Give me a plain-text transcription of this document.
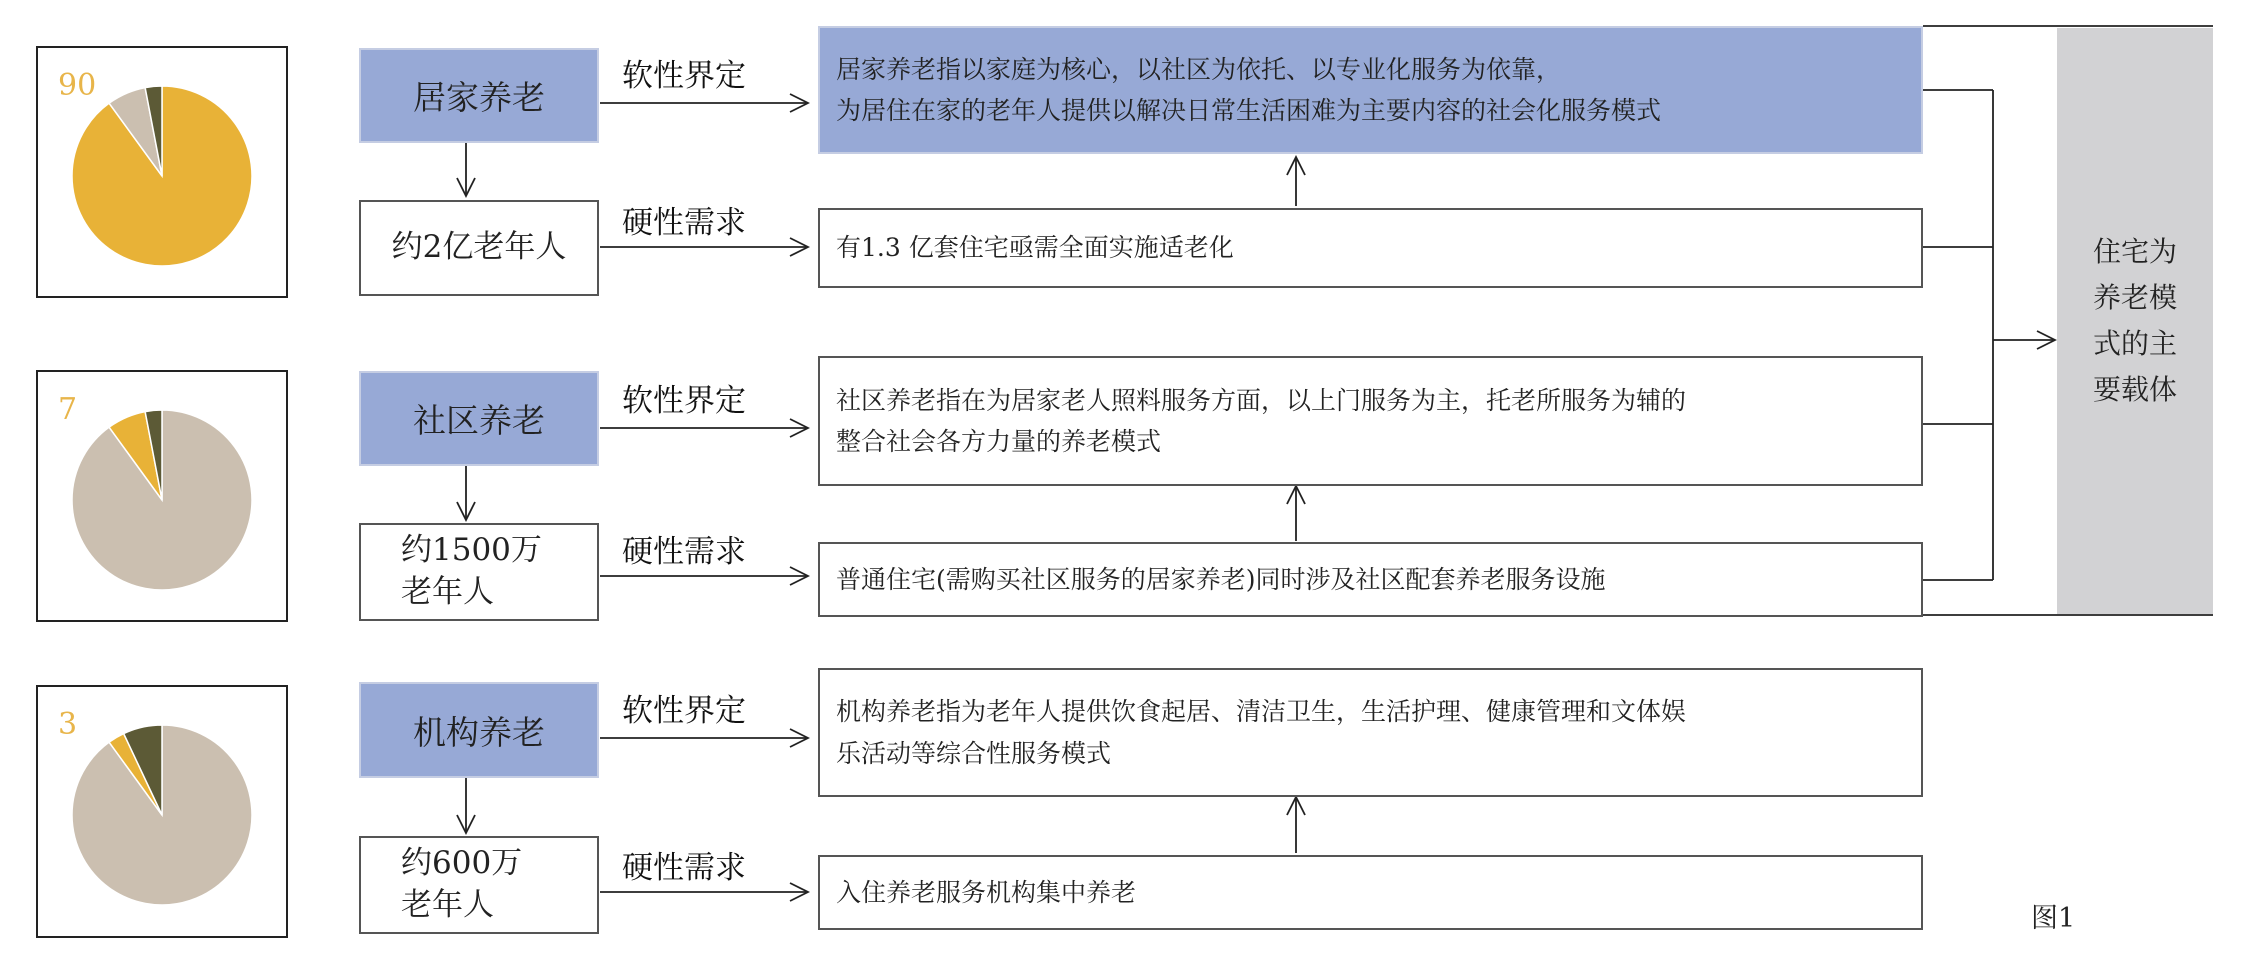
住宅为
养老模
式的主
要载体
90	居家养老
约2亿老年人
软性界定
硬性需求
居家养老指以家庭为核心，以社区为依托、以专业化服务为依靠，
为居住在家的老年人提供以解决日常生活困难为主要内容的社会化服务模式
有1.3 亿套住宅亟需全面实施适老化
7	社区养老
约1500万
老年人
软性界定
硬性需求
社区养老指在为居家老人照料服务方面，以上门服务为主，托老所服务为辅的
整合社会各方力量的养老模式
普通住宅(需购买社区服务的居家养老)同时涉及社区配套养老服务设施
3	机构养老
约600万
老年人
软性界定
硬性需求
机构养老指为老年人提供饮食起居、清洁卫生，生活护理、健康管理和文体娱
乐活动等综合性服务模式
入住养老服务机构集中养老
图1
